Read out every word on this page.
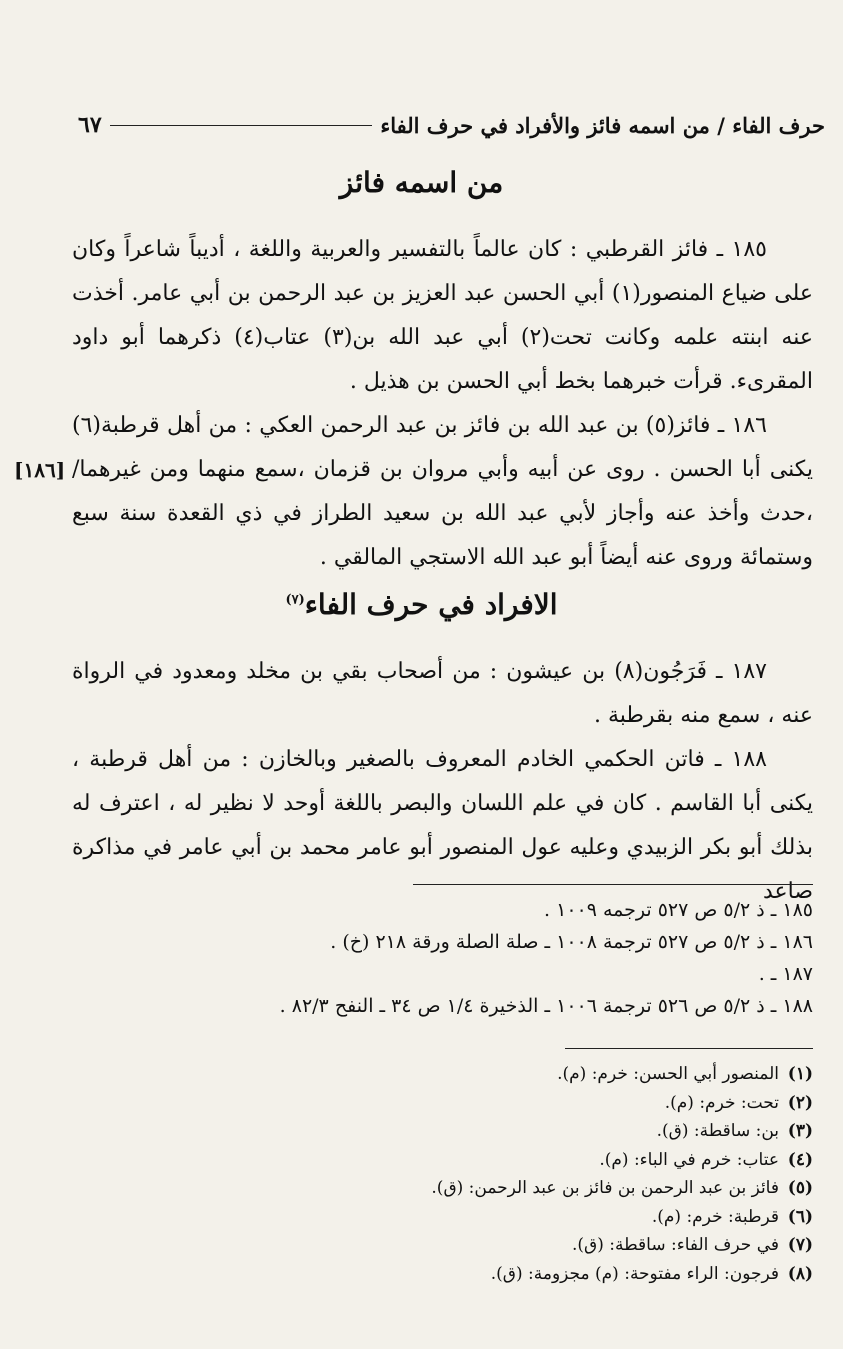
حرف الفاء / من اسمه فائز والأفراد في حرف الفاء
٦٧
من اسمه فائز

١٨٥ ـ فائز القرطبي : كان عالماً بالتفسير والعربية واللغة ، أديباً شاعراً وكان على ضياع المنصور(١) أبي الحسن عبد العزيز بن عبد الرحمن بن أبي عامر. أخذت عنه ابنته علمه وكانت تحت(٢) أبي عبد الله بن(٣) عتاب(٤) ذكرهما أبو داود المقرىء. قرأت خبرهما بخط أبي الحسن بن هذيل .

١٨٦ ـ فائز(٥) بن عبد الله بن فائز بن عبد الرحمن العكي : من أهل قرطبة(٦) يكنى أبا الحسن . روى عن أبيه وأبي مروان بن قزمان ،سمع منهما ومن غيرهما/ ،حدث وأخذ عنه وأجاز لأبي عبد الله بن سعيد الطراز في ذي القعدة سنة سبع وستمائة وروى عنه أيضاً أبو عبد الله الاستجي المالقي .

[١٨٦]
الافراد في حرف الفاء$^{(٧)}$

١٨٧ ـ فَرَجُون(٨) بن عيشون : من أصحاب بقي بن مخلد ومعدود في الرواة عنه ، سمع منه بقرطبة .

١٨٨ ـ فاتن الحكمي الخادم المعروف بالصغير وبالخازن : من أهل قرطبة ، يكنى أبا القاسم . كان في علم اللسان والبصر باللغة أوحد لا نظير له ، اعترف له بذلك أبو بكر الزبيدي وعليه عول المنصور أبو عامر محمد بن أبي عامر في مذاكرة صاعد

١٨٥ ـ ذ ٥/٢ ص ٥٢٧ ترجمه ١٠٠٩ .
١٨٦ ـ ذ ٥/٢ ص ٥٢٧ ترجمة ١٠٠٨ ـ صلة الصلة ورقة ٢١٨ (خ) .
١٨٧ ـ .
١٨٨ ـ ذ ٥/٢ ص ٥٢٦ ترجمة ١٠٠٦ ـ الذخيرة ١/٤ ص ٣٤ ـ النفح ٨٢/٣ .
(١)المنصور أبي الحسن: خرم: (م).
(٢)تحت: خرم: (م).
(٣)بن: ساقطة: (ق).
(٤)عتاب: خرم في الباء: (م).
(٥)فائز بن عبد الرحمن بن فائز بن عبد الرحمن: (ق).
(٦)قرطبة: خرم: (م).
(٧)في حرف الفاء: ساقطة: (ق).
(٨)فرجون: الراء مفتوحة: (م) مجزومة: (ق).
